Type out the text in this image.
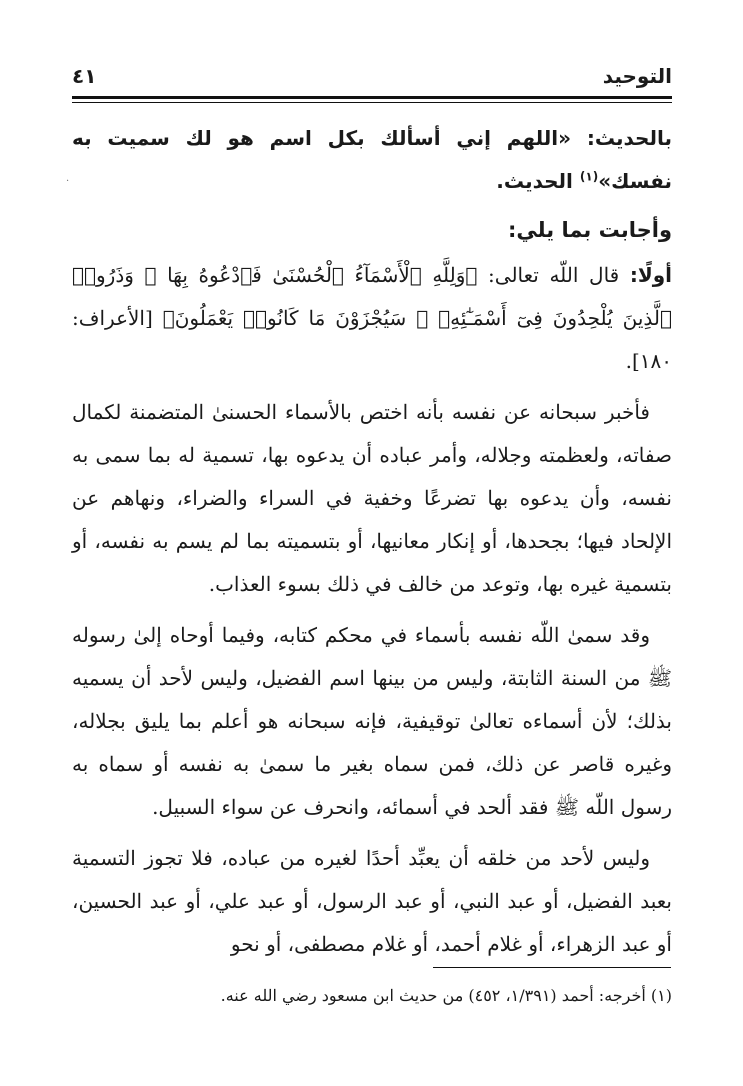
التوحيد
٤١

بالحديث: «اللهم إني أسألك بكل اسم هو لك سميت به نفسك»$^{(١)}$ الحديث.

وأجابت بما يلي:

أولًا: قال اللّه تعالى: ﴿وَلِلَّهِ ٱلْأَسْمَآءُ ٱلْحُسْنَىٰ فَٱدْعُوهُ بِهَا ۖ وَذَرُوا۟ ٱلَّذِينَ يُلْحِدُونَ فِىٓ أَسْمَـٰٓئِهِۦ ۚ سَيُجْزَوْنَ مَا كَانُوا۟ يَعْمَلُونَ﴾ [الأعراف: ١٨٠].

فأخبر سبحانه عن نفسه بأنه اختص بالأسماء الحسنىٰ المتضمنة لكمال صفاته، ولعظمته وجلاله، وأمر عباده أن يدعوه بها، تسمية له بما سمى به نفسه، وأن يدعوه بها تضرعًا وخفية في السراء والضراء، ونهاهم عن الإلحاد فيها؛ بجحدها، أو إنكار معانيها، أو بتسميته بما لم يسم به نفسه، أو بتسمية غيره بها، وتوعد من خالف في ذلك بسوء العذاب.

وقد سمىٰ اللّه نفسه بأسماء في محكم كتابه، وفيما أوحاه إلىٰ رسوله ﷺ من السنة الثابتة، وليس من بينها اسم الفضيل، وليس لأحد أن يسميه بذلك؛ لأن أسماءه تعالىٰ توقيفية، فإنه سبحانه هو أعلم بما يليق بجلاله، وغيره قاصر عن ذلك، فمن سماه بغير ما سمىٰ به نفسه أو سماه به رسول اللّه ﷺ فقد ألحد في أسمائه، وانحرف عن سواء السبيل.

وليس لأحد من خلقه أن يعبِّد أحدًا لغيره من عباده، فلا تجوز التسمية بعبد الفضيل، أو عبد النبي، أو عبد الرسول، أو عبد علي، أو عبد الحسين، أو عبد الزهراء، أو غلام أحمد، أو غلام مصطفى، أو نحو

·

(١) أخرجه: أحمد (١/٣٩١، ٤٥٢) من حديث ابن مسعود رضي الله عنه.
